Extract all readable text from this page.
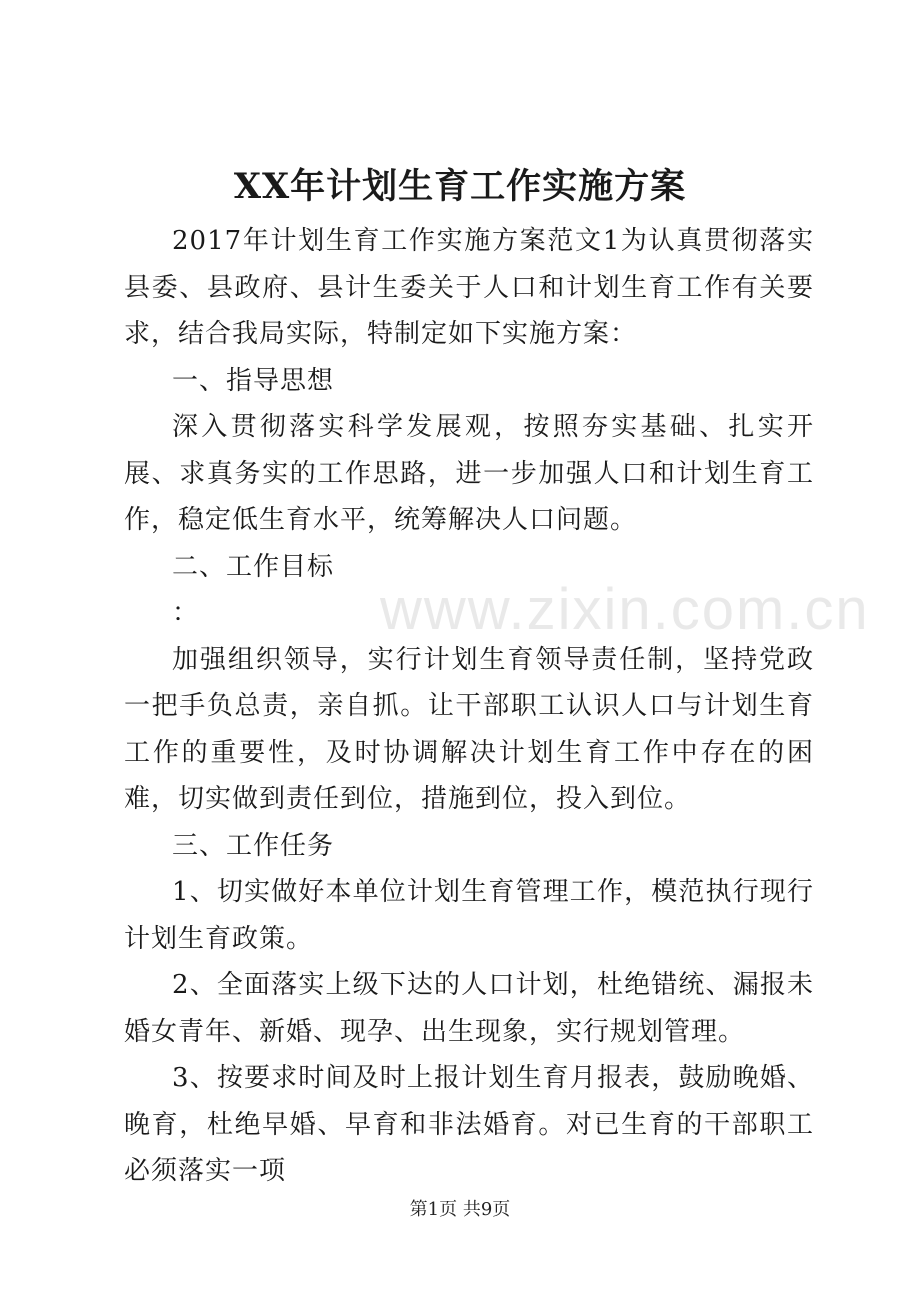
www.zixin.com.cn
XX年计划生育工作实施方案

2017年计划生育工作实施方案范文1为认真贯彻落实县委、县政府、县计生委关于人口和计划生育工作有关要求，结合我局实际，特制定如下实施方案：

一、指导思想

深入贯彻落实科学发展观，按照夯实基础、扎实开展、求真务实的工作思路，进一步加强人口和计划生育工作，稳定低生育水平，统筹解决人口问题。

二、工作目标

：

加强组织领导，实行计划生育领导责任制，坚持党政一把手负总责，亲自抓。让干部职工认识人口与计划生育工作的重要性，及时协调解决计划生育工作中存在的困难，切实做到责任到位，措施到位，投入到位。

三、工作任务

1、切实做好本单位计划生育管理工作，模范执行现行计划生育政策。

2、全面落实上级下达的人口计划，杜绝错统、漏报未婚女青年、新婚、现孕、出生现象，实行规划管理。

3、按要求时间及时上报计划生育月报表，鼓励晚婚、晚育，杜绝早婚、早育和非法婚育。对已生育的干部职工必须落实一项

第1页 共9页
